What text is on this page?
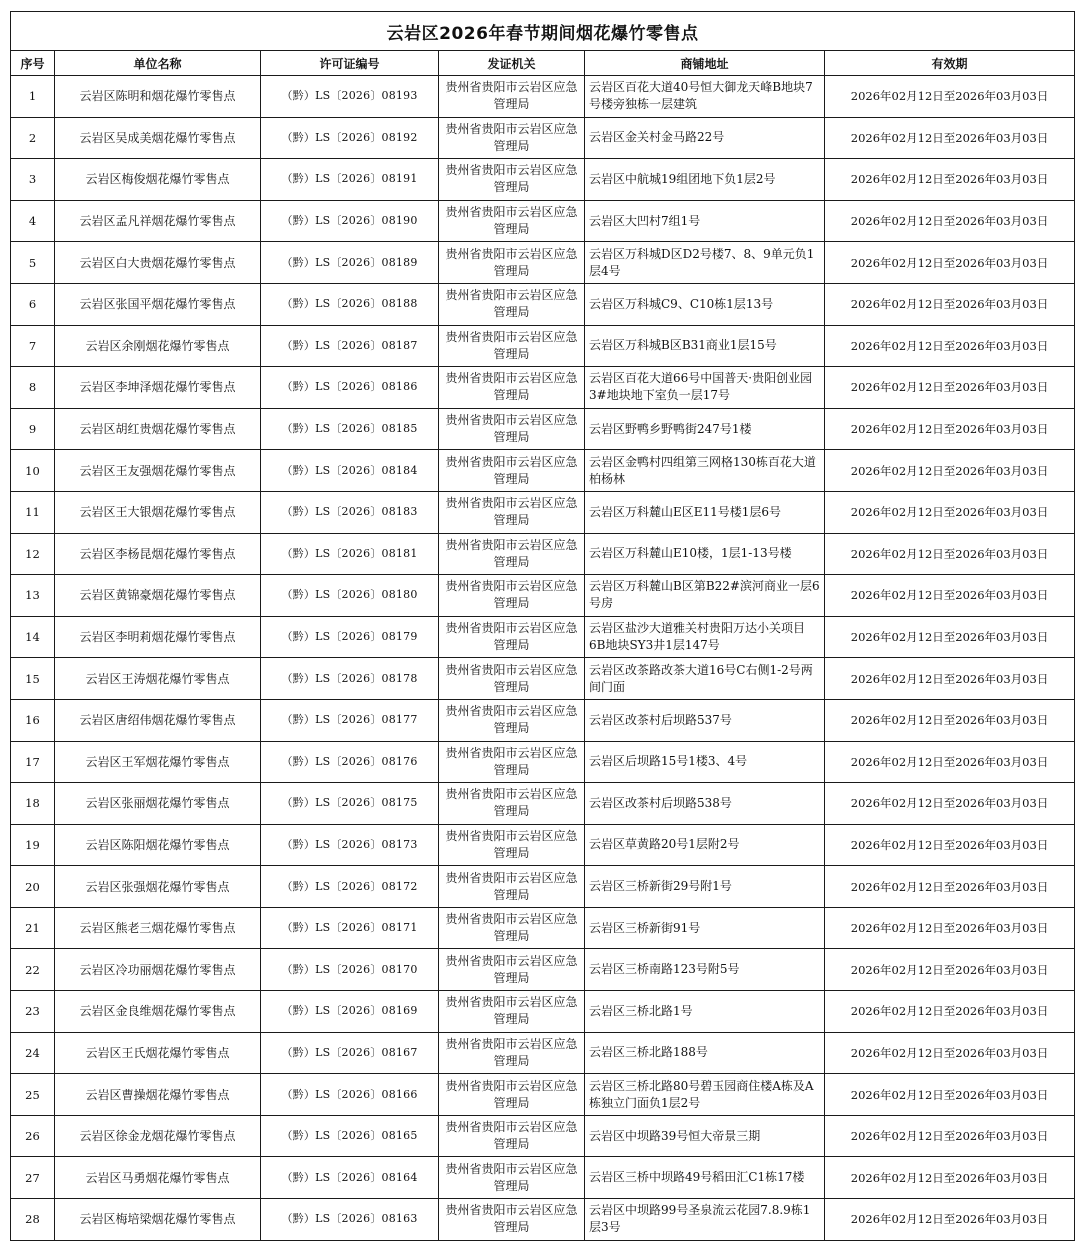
云岩区2026年春节期间烟花爆竹零售点					
序号	单位名称	许可证编号	发证机关	商铺地址	有效期
1	云岩区陈明和烟花爆竹零售点	（黔）LS〔2026〕08193	贵州省贵阳市云岩区应急管理局	云岩区百花大道40号恒大御龙天峰B地块7号楼旁独栋一层建筑	2026年02月12日至2026年03月03日
2	云岩区吴成美烟花爆竹零售点	（黔）LS〔2026〕08192	贵州省贵阳市云岩区应急管理局	云岩区金关村金马路22号	2026年02月12日至2026年03月03日
3	云岩区梅俊烟花爆竹零售点	（黔）LS〔2026〕08191	贵州省贵阳市云岩区应急管理局	云岩区中航城19组团地下负1层2号	2026年02月12日至2026年03月03日
4	云岩区孟凡祥烟花爆竹零售点	（黔）LS〔2026〕08190	贵州省贵阳市云岩区应急管理局	云岩区大凹村7组1号	2026年02月12日至2026年03月03日
5	云岩区白大贵烟花爆竹零售点	（黔）LS〔2026〕08189	贵州省贵阳市云岩区应急管理局	云岩区万科城D区D2号楼7、8、9单元负1层4号	2026年02月12日至2026年03月03日
6	云岩区张国平烟花爆竹零售点	（黔）LS〔2026〕08188	贵州省贵阳市云岩区应急管理局	云岩区万科城C9、C10栋1层13号	2026年02月12日至2026年03月03日
7	云岩区余刚烟花爆竹零售点	（黔）LS〔2026〕08187	贵州省贵阳市云岩区应急管理局	云岩区万科城B区B31商业1层15号	2026年02月12日至2026年03月03日
8	云岩区李坤泽烟花爆竹零售点	（黔）LS〔2026〕08186	贵州省贵阳市云岩区应急管理局	云岩区百花大道66号中国普天·贵阳创业园3#地块地下室负一层17号	2026年02月12日至2026年03月03日
9	云岩区胡红贵烟花爆竹零售点	（黔）LS〔2026〕08185	贵州省贵阳市云岩区应急管理局	云岩区野鸭乡野鸭街247号1楼	2026年02月12日至2026年03月03日
10	云岩区王友强烟花爆竹零售点	（黔）LS〔2026〕08184	贵州省贵阳市云岩区应急管理局	云岩区金鸭村四组第三网格130栋百花大道柏杨林	2026年02月12日至2026年03月03日
11	云岩区王大银烟花爆竹零售点	（黔）LS〔2026〕08183	贵州省贵阳市云岩区应急管理局	云岩区万科麓山E区E11号楼1层6号	2026年02月12日至2026年03月03日
12	云岩区李杨昆烟花爆竹零售点	（黔）LS〔2026〕08181	贵州省贵阳市云岩区应急管理局	云岩区万科麓山E10楼，1层1-13号楼	2026年02月12日至2026年03月03日
13	云岩区黄锦豪烟花爆竹零售点	（黔）LS〔2026〕08180	贵州省贵阳市云岩区应急管理局	云岩区万科麓山B区第B22#滨河商业一层6号房	2026年02月12日至2026年03月03日
14	云岩区李明莉烟花爆竹零售点	（黔）LS〔2026〕08179	贵州省贵阳市云岩区应急管理局	云岩区盐沙大道雅关村贵阳万达小关项目6B地块SY3井1层147号	2026年02月12日至2026年03月03日
15	云岩区王涛烟花爆竹零售点	（黔）LS〔2026〕08178	贵州省贵阳市云岩区应急管理局	云岩区改茶路改茶大道16号C右侧1-2号两间门面	2026年02月12日至2026年03月03日
16	云岩区唐绍伟烟花爆竹零售点	（黔）LS〔2026〕08177	贵州省贵阳市云岩区应急管理局	云岩区改茶村后坝路537号	2026年02月12日至2026年03月03日
17	云岩区王军烟花爆竹零售点	（黔）LS〔2026〕08176	贵州省贵阳市云岩区应急管理局	云岩区后坝路15号1楼3、4号	2026年02月12日至2026年03月03日
18	云岩区张丽烟花爆竹零售点	（黔）LS〔2026〕08175	贵州省贵阳市云岩区应急管理局	云岩区改茶村后坝路538号	2026年02月12日至2026年03月03日
19	云岩区陈阳烟花爆竹零售点	（黔）LS〔2026〕08173	贵州省贵阳市云岩区应急管理局	云岩区草黄路20号1层附2号	2026年02月12日至2026年03月03日
20	云岩区张强烟花爆竹零售点	（黔）LS〔2026〕08172	贵州省贵阳市云岩区应急管理局	云岩区三桥新街29号附1号	2026年02月12日至2026年03月03日
21	云岩区熊老三烟花爆竹零售点	（黔）LS〔2026〕08171	贵州省贵阳市云岩区应急管理局	云岩区三桥新街91号	2026年02月12日至2026年03月03日
22	云岩区冷功丽烟花爆竹零售点	（黔）LS〔2026〕08170	贵州省贵阳市云岩区应急管理局	云岩区三桥南路123号附5号	2026年02月12日至2026年03月03日
23	云岩区金良维烟花爆竹零售点	（黔）LS〔2026〕08169	贵州省贵阳市云岩区应急管理局	云岩区三桥北路1号	2026年02月12日至2026年03月03日
24	云岩区王氏烟花爆竹零售点	（黔）LS〔2026〕08167	贵州省贵阳市云岩区应急管理局	云岩区三桥北路188号	2026年02月12日至2026年03月03日
25	云岩区曹操烟花爆竹零售点	（黔）LS〔2026〕08166	贵州省贵阳市云岩区应急管理局	云岩区三桥北路80号碧玉园商住楼A栋及A栋独立门面负1层2号	2026年02月12日至2026年03月03日
26	云岩区徐金龙烟花爆竹零售点	（黔）LS〔2026〕08165	贵州省贵阳市云岩区应急管理局	云岩区中坝路39号恒大帝景三期	2026年02月12日至2026年03月03日
27	云岩区马勇烟花爆竹零售点	（黔）LS〔2026〕08164	贵州省贵阳市云岩区应急管理局	云岩区三桥中坝路49号稻田汇C1栋17楼	2026年02月12日至2026年03月03日
28	云岩区梅培梁烟花爆竹零售点	（黔）LS〔2026〕08163	贵州省贵阳市云岩区应急管理局	云岩区中坝路99号圣泉流云花园7.8.9栋1层3号	2026年02月12日至2026年03月03日
